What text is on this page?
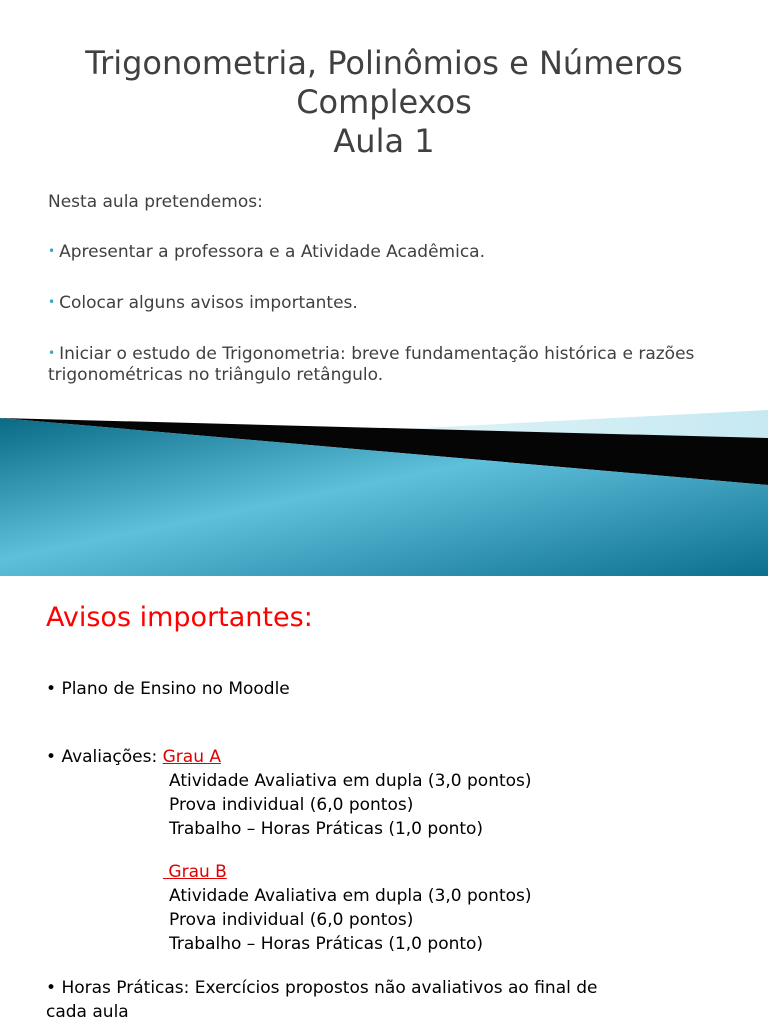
Trigonometria, Polinômios e Números
Complexos
Aula 1
Nesta aula pretendemos:
• Apresentar a professora e a Atividade Acadêmica.
• Colocar alguns avisos importantes.
• Iniciar o estudo de Trigonometria: breve fundamentação histórica e razões trigonométricas no triângulo retângulo.
Avisos importantes:
• Plano de Ensino no Moodle
• Avaliações: Grau A
Atividade Avaliativa em dupla (3,0 pontos)
Prova individual (6,0 pontos)
Trabalho – Horas Práticas (1,0 ponto)
Grau B
Atividade Avaliativa em dupla (3,0 pontos)
Prova individual (6,0 pontos)
Trabalho – Horas Práticas (1,0 ponto)
• Horas Práticas: Exercícios propostos não avaliativos ao final de
cada aula
